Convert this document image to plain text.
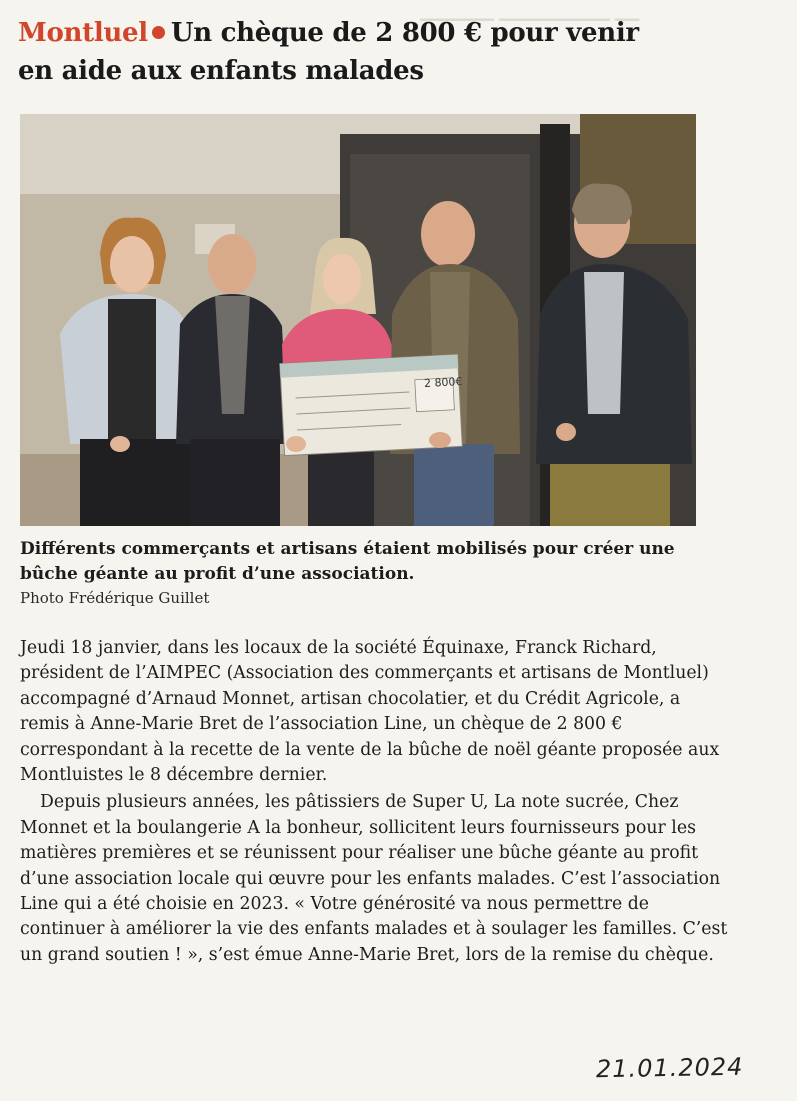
▁▁▁▁▁▁ ▁▁▁▁▁▁▁▁▁ ▁▁
Montluel Un chèque de 2 800 € pour venir en aide aux enfants malades
2 800€
Différents commerçants et artisans étaient mobilisés pour créer une bûche géante au profit d’une association.
Photo Frédérique Guillet

Jeudi 18 janvier, dans les locaux de la société Équinaxe, Franck Richard, président de l’AIMPEC (Association des commerçants et artisans de Montluel) accompagné d’Arnaud Monnet, artisan chocolatier, et du Crédit Agricole, a remis à Anne-Marie Bret de l’association Line, un chèque de 2 800 € correspondant à la recette de la vente de la bûche de noël géante proposée aux Montluistes le 8 décembre dernier.

Depuis plusieurs années, les pâtissiers de Super U, La note sucrée, Chez Monnet et la boulangerie A la bonheur, sollicitent leurs fournisseurs pour les matières premières et se réunissent pour réaliser une bûche géante au profit d’une association locale qui œuvre pour les enfants malades. C’est l’association Line qui a été choisie en 2023. « Votre générosité va nous permettre de continuer à améliorer la vie des enfants malades et à soulager les familles. C’est un grand soutien ! », s’est émue Anne-Marie Bret, lors de la remise du chèque.

21.01.2024
